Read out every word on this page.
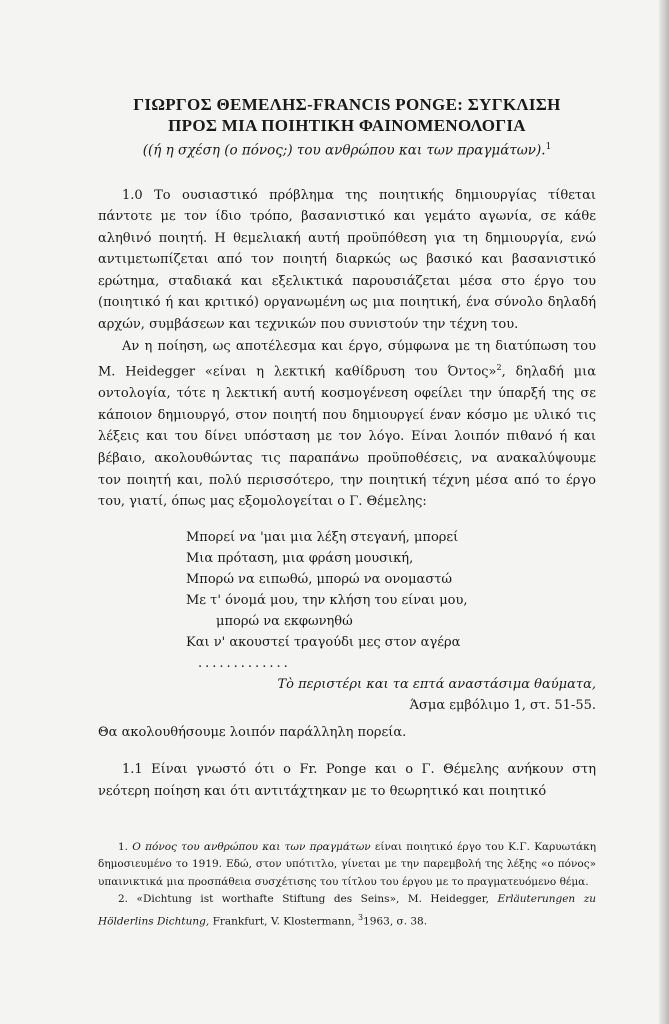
ΓΙΩΡΓΟΣ ΘΕΜΕΛΗΣ-FRANCIS PONGE: ΣΥΓΚΛΙΣΗ
ΠΡΟΣ ΜΙΑ ΠΟΙΗΤΙΚΗ ΦΑΙΝΟΜΕΝΟΛΟΓΙΑ

((ή η σχέση (ο πόνος;) του ανθρώπου και των πραγμάτων).$^1$

1.0 Το ουσιαστικό πρόβλημα της ποιητικής δημιουργίας τίθεται πάντοτε με τον ίδιο τρόπο, βασανιστικό και γεμάτο αγωνία, σε κάθε αληθινό ποιητή. Η θεμελιακή αυτή προϋπόθεση για τη δημιουργία, ενώ αντιμετωπίζεται από τον ποιητή διαρκώς ως βασικό και βασανιστικό ερώτημα, σταδιακά και εξελικτικά παρουσιάζεται μέσα στο έργο του (ποιητικό ή και κριτικό) οργανωμένη ως μια ποιητική, ένα σύνολο δηλαδή αρχών, συμβάσεων και τεχνικών που συνιστούν την τέχνη του.

Αν η ποίηση, ως αποτέλεσμα και έργο, σύμφωνα με τη διατύπωση του M. Heidegger «είναι η λεκτική καθίδρυση του Όντος»$^2$, δηλαδή μια οντολογία, τότε η λεκτική αυτή κοσμογένεση οφείλει την ύπαρξή της σε κάποιον δημιουργό, στον ποιητή που δημιουργεί έναν κόσμο με υλικό τις λέξεις και του δίνει υπόσταση με τον λόγο. Είναι λοιπόν πιθανό ή και βέβαιο, ακολουθώντας τις παραπάνω προϋποθέσεις, να ανακαλύψουμε τον ποιητή και, πολύ περισσότερο, την ποιητική τέχνη μέσα από το έργο του, γιατί, όπως μας εξομολογείται ο Γ. Θέμελης:

Μπορεί να 'μαι μια λέξη στεγανή, μπορεί
Μια πρόταση, μια φράση μουσική,
Μπορώ να ειπωθώ, μπορώ να ονομαστώ
Με τ' όνομά μου, την κλήση του είναι μου,
μπορώ να εκφωνηθώ
Και ν' ακουστεί τραγούδι μες στον αγέρα
.............
Τὸ περιστέρι και τα επτά αναστάσιμα θαύματα,
Άσμα εμβόλιμο 1, στ. 51-55.

Θα ακολουθήσουμε λοιπόν παράλληλη πορεία.

1.1 Είναι γνωστό ότι ο Fr. Ponge και ο Γ. Θέμελης ανήκουν στη νεότερη ποίηση και ότι αντιτάχτηκαν με το θεωρητικό και ποιητικό

1. Ο πόνος του ανθρώπου και των πραγμάτων είναι ποιητικό έργο του Κ.Γ. Καρυωτάκη δημοσιευμένο το 1919. Εδώ, στον υπότιτλο, γίνεται με την παρεμβολή της λέξης «ο πόνος» υπαινικτικά μια προσπάθεια συσχέτισης του τίτλου του έργου με το πραγματευόμενο θέμα.

2. «Dichtung ist worthafte Stiftung des Seins», M. Heidegger, Erläuterungen zu Hölderlins Dichtung, Frankfurt, V. Klostermann, $^3$1963, σ. 38.
